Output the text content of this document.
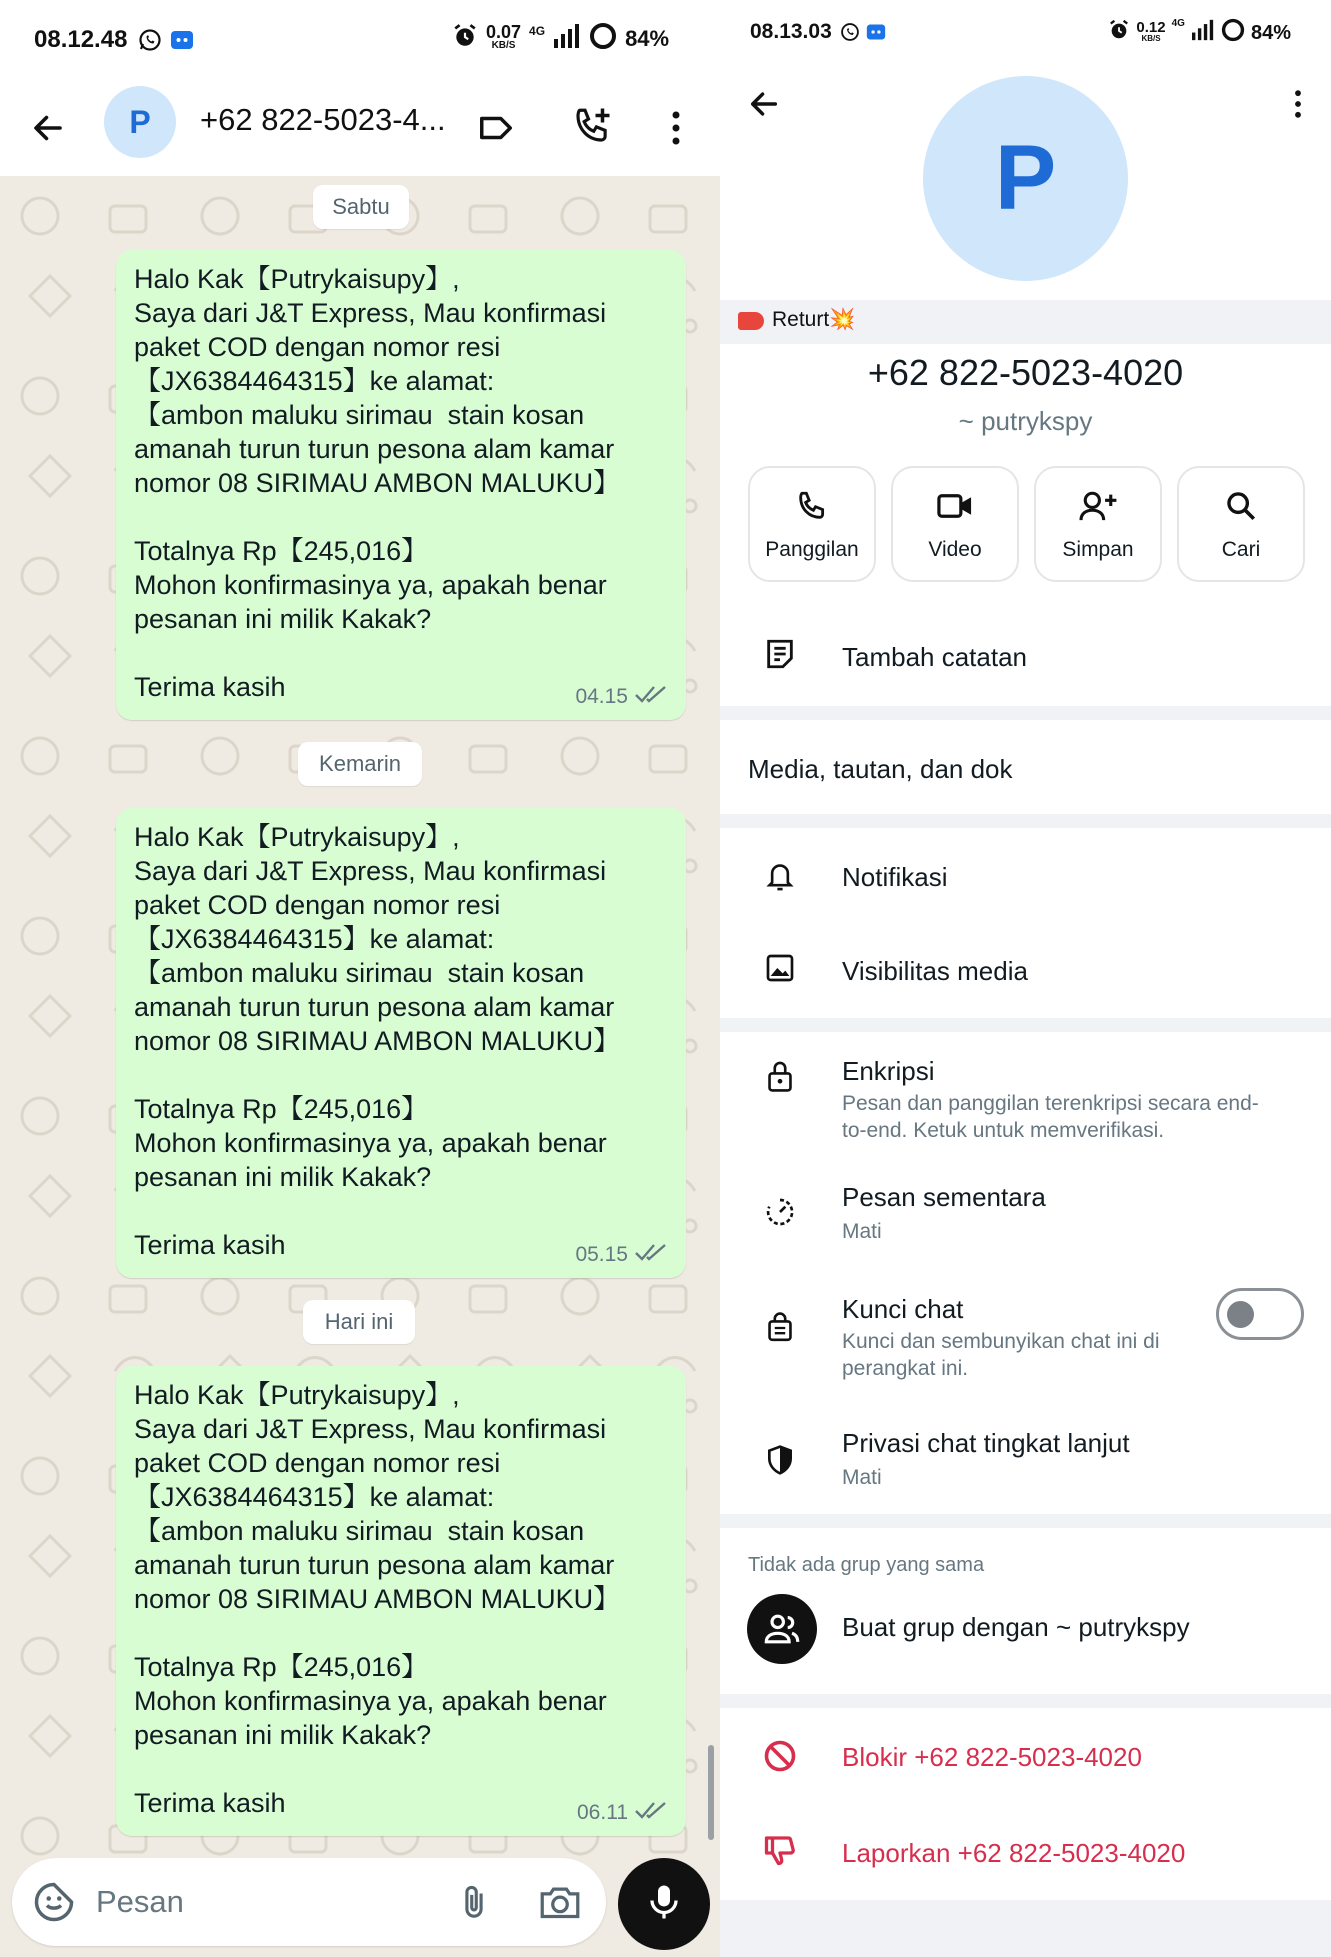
08.12.48	0.07
KB/S
4G	84%
P	+62 822-5023-4...
Sabtu
Halo Kak【Putrykaisupy】,
Saya dari J&T Express, Mau konfirmasi paket COD dengan nomor resi【JX6384464315】ke alamat:
【ambon maluku sirimau  stain kosan amanah turun turun pesona alam kamar nomor 08 SIRIMAU AMBON MALUKU】

Totalnya Rp【245,016】
Mohon konfirmasinya ya, apakah benar pesanan ini milik Kakak?

Terima kasih	04.15
Kemarin
Halo Kak【Putrykaisupy】,
Saya dari J&T Express, Mau konfirmasi paket COD dengan nomor resi【JX6384464315】ke alamat:
【ambon maluku sirimau  stain kosan amanah turun turun pesona alam kamar nomor 08 SIRIMAU AMBON MALUKU】

Totalnya Rp【245,016】
Mohon konfirmasinya ya, apakah benar pesanan ini milik Kakak?

Terima kasih	05.15
Hari ini
Halo Kak【Putrykaisupy】,
Saya dari J&T Express, Mau konfirmasi paket COD dengan nomor resi【JX6384464315】ke alamat:
【ambon maluku sirimau  stain kosan amanah turun turun pesona alam kamar nomor 08 SIRIMAU AMBON MALUKU】

Totalnya Rp【245,016】
Mohon konfirmasinya ya, apakah benar pesanan ini milik Kakak?

Terima kasih	06.11
Pesan
08.13.03	0.12
KB/S
4G	84%
P
Returt💥
+62 822-5023-4020
~ putrykspy
Panggilan	Video	Simpan	Cari
Tambah catatan
Media, tautan, dan dok
Notifikasi
Visibilitas media
Enkripsi
Pesan dan panggilan terenkripsi secara end-to-end. Ketuk untuk memverifikasi.
Pesan sementara
Mati
Kunci chat
Kunci dan sembunyikan chat ini di perangkat ini.
Privasi chat tingkat lanjut
Mati
Tidak ada grup yang sama
Buat grup dengan ~ putrykspy
Blokir +62 822-5023-4020
Laporkan +62 822-5023-4020
